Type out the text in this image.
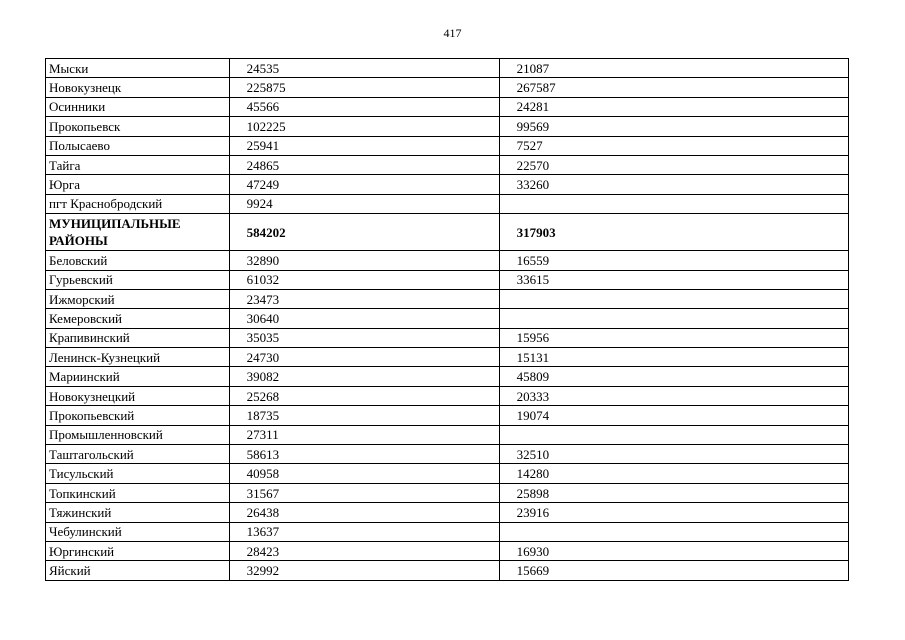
417
Мыски	24535	21087
Новокузнецк	225875	267587
Осинники	45566	24281
Прокопьевск	102225	99569
Полысаево	25941	7527
Тайга	24865	22570
Юрга	47249	33260
пгт Краснобродский	9924	
МУНИЦИПАЛЬНЫЕ РАЙОНЫ	584202	317903
Беловский	32890	16559
Гурьевский	61032	33615
Ижморский	23473	
Кемеровский	30640	
Крапивинский	35035	15956
Ленинск-Кузнецкий	24730	15131
Мариинский	39082	45809
Новокузнецкий	25268	20333
Прокопьевский	18735	19074
Промышленновский	27311	
Таштагольский	58613	32510
Тисульский	40958	14280
Топкинский	31567	25898
Тяжинский	26438	23916
Чебулинский	13637	
Юргинский	28423	16930
Яйский	32992	15669
